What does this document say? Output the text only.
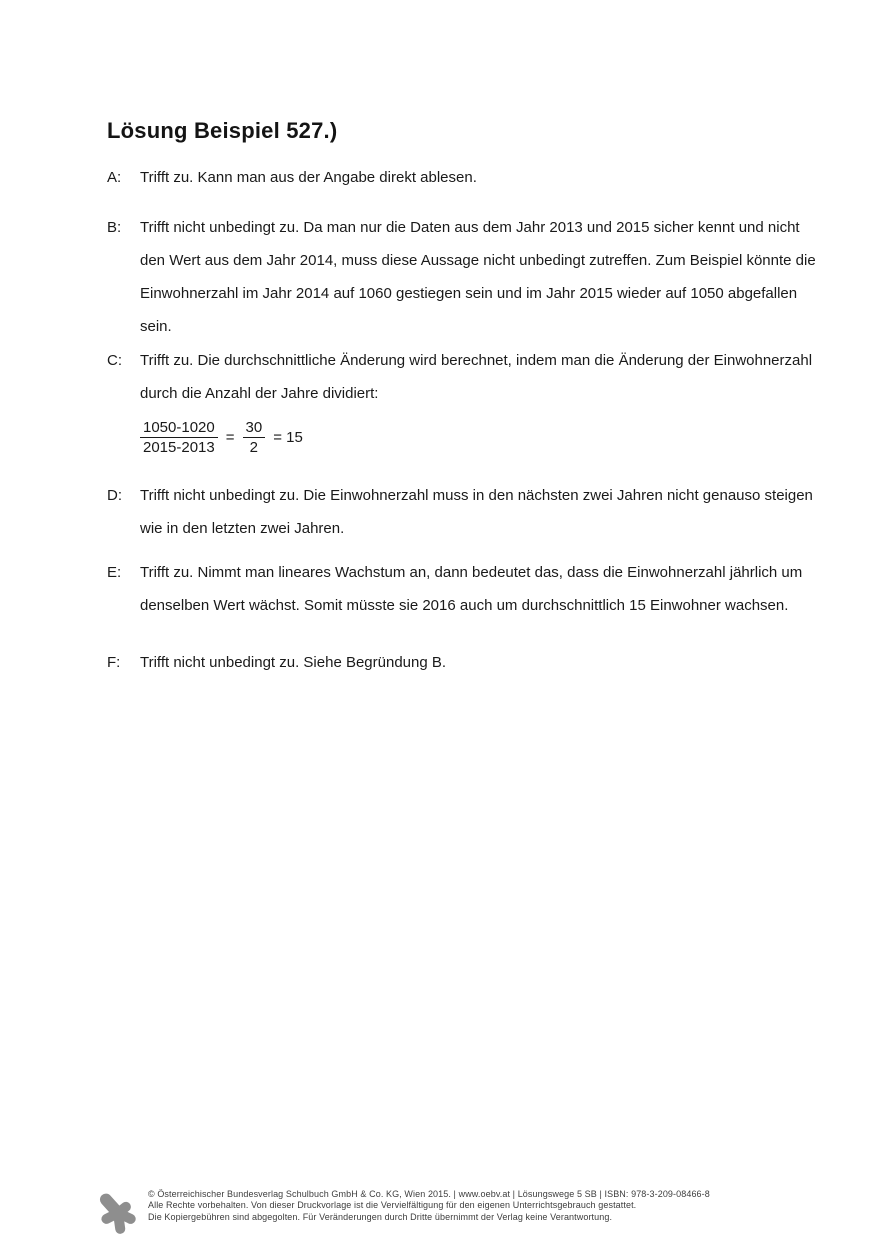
Lösung Beispiel 527.)
A:	Trifft zu. Kann man aus der Angabe direkt ablesen.
B:	Trifft nicht unbedingt zu. Da man nur die Daten aus dem Jahr 2013 und 2015 sicher kennt und nicht den Wert aus dem Jahr 2014, muss diese Aussage nicht unbedingt zutreffen. Zum Beispiel könnte die Einwohnerzahl im Jahr 2014 auf 1060 gestiegen sein und im Jahr 2015 wieder auf 1050 abgefallen sein.
C:	Trifft zu. Die durchschnittliche Änderung wird berechnet, indem man die Änderung der Einwohnerzahl durch die Anzahl der Jahre dividiert:
$\frac{1050-1020}{2015-2013} = \frac{30}{2} = 15$
D:	Trifft nicht unbedingt zu. Die Einwohnerzahl muss in den nächsten zwei Jahren nicht genauso steigen wie in den letzten zwei Jahren.
E:	Trifft zu. Nimmt man lineares Wachstum an, dann bedeutet das, dass die Einwohnerzahl jährlich um denselben Wert wächst. Somit müsste sie 2016 auch um durchschnittlich 15 Einwohner wachsen.
F:	Trifft nicht unbedingt zu. Siehe Begründung B.
© Österreichischer Bundesverlag Schulbuch GmbH & Co. KG, Wien 2015. | www.oebv.at | Lösungswege 5 SB | ISBN: 978-3-209-08466-8
Alle Rechte vorbehalten. Von dieser Druckvorlage ist die Vervielfältigung für den eigenen Unterrichtsgebrauch gestattet.
Die Kopiergebühren sind abgegolten. Für Veränderungen durch Dritte übernimmt der Verlag keine Verantwortung.
